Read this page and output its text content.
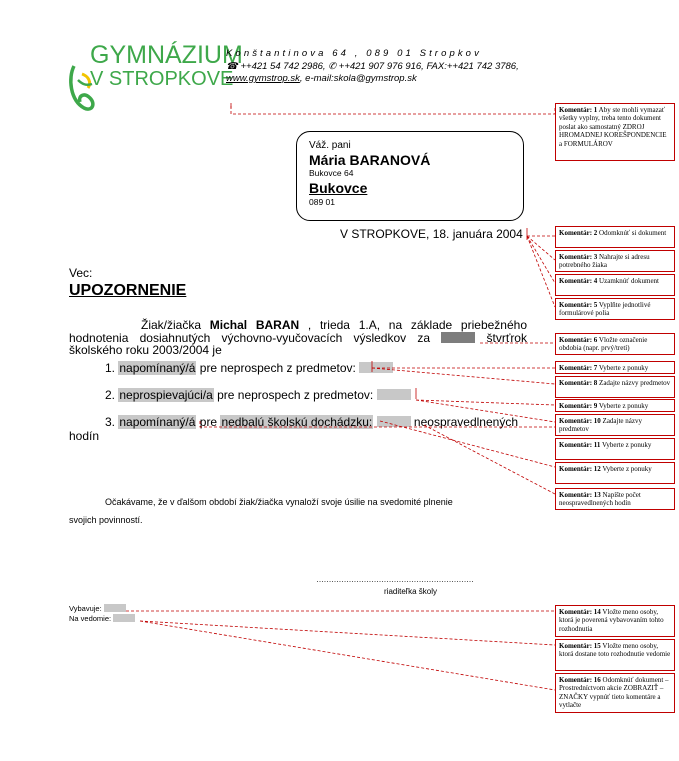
GYMNÁZIUM
V STROPKOVE
Konštantinova 64 , 089 01 Stropkov
☎ ++421 54 742 2986, ✆ ++421 907 976 916, FAX:++421 742 3786,
www.gymstrop.sk, e-mail:skola@gymstrop.sk
Váž. pani
Mária BARANOVÁ
Bukovce 64
Bukovce
089 01
V STROPKOVE, 18. januára 2004
Vec:
UPOZORNENIE
Žiak/žiačka Michal BARAN , trieda 1.A, na základe priebežného hodnotenia dosiahnutých výchovno-vyučovacích výsledkov za	štvrťrok školského roku 2003/2004 je
1. napomínaný/á pre neprospech z predmetov:
2. neprospievajúci/a pre neprospech z predmetov:
3. napomínaný/á pre nedbalú školskú dochádzku:	neospravedlnených
hodín
Očakávame, že v ďalšom období žiak/žiačka vynaloží svoje úsilie na svedomité plnenie
svojich povinností.
………………………………………………………
riaditeľka školy
Vybavuje:
Na vedomie:
Komentár: 1 Aby ste mohli vymazať všetky vyplny, treba tento dokument poslat ako samostatný ZDROJ HROMADNEJ KOREŠPONDENCIE a FORMULÁROV
Komentár: 2 Odomknúť si dokument
Komentár: 3 Nahrajte si adresu potrebného žiaka
Komentár: 4 Uzamknúť dokument
Komentár: 5 Vyplňte jednotlivé formulárové polia
Komentár: 6 Vložte označenie obdobia (napr. prvý/tretí)
Komentár: 7 Vyberte z ponuky
Komentár: 8 Zadajte názvy predmetov
Komentár: 9 Vyberte z ponuky
Komentár: 10 Zadajte názvy predmetov
Komentár: 11 Vyberte z ponuky
Komentár: 12 Vyberte z ponuky
Komentár: 13 Napíšte počet neospravedlnených hodín
Komentár: 14 Vložte meno osoby, ktorá je poverená vybavovaním tohto rozhodnutia
Komentár: 15 Vložte meno osoby, ktorá dostane toto rozhodnutie vedomie
Komentár: 16 Odomknúť dokument – Prostredníctvom akcie ZOBRAZIŤ – ZNAČKY vypnúť tieto komentáre a vytlačte
